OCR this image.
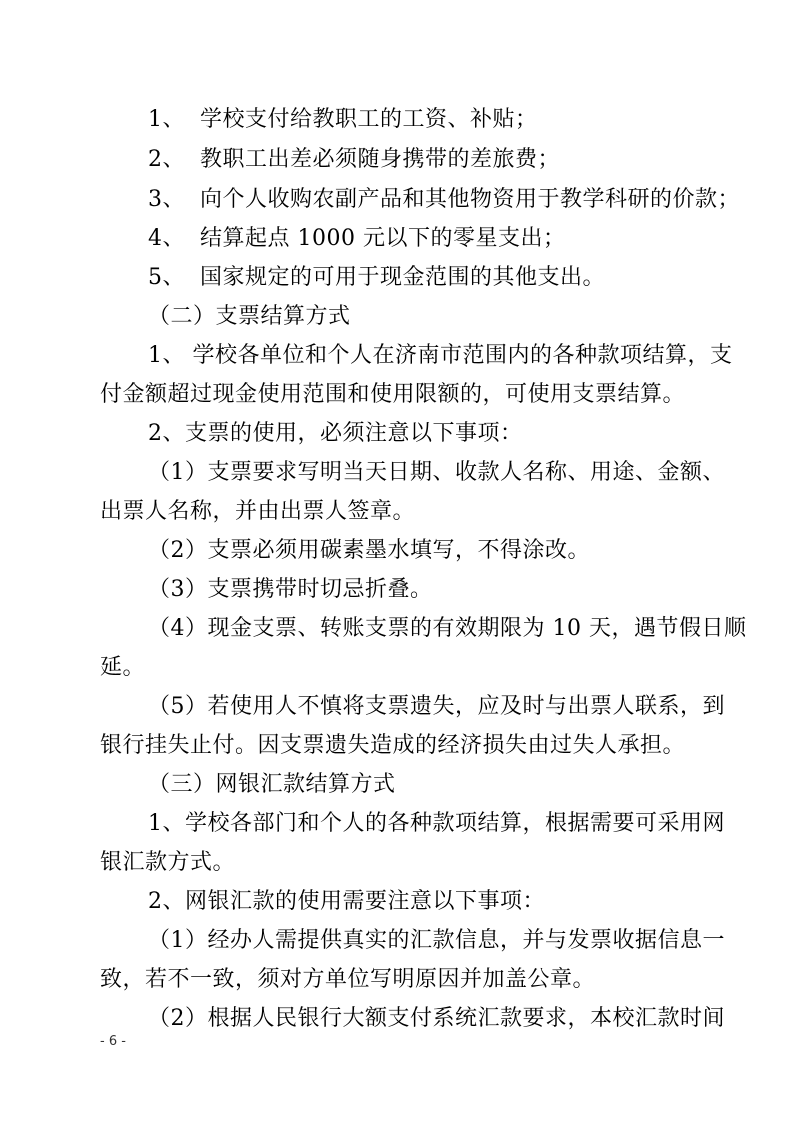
1、  学校支付给教职工的工资、补贴；
2、  教职工出差必须随身携带的差旅费；
3、  向个人收购农副产品和其他物资用于教学科研的价款；
4、  结算起点 1000 元以下的零星支出；
5、  国家规定的可用于现金范围的其他支出。
（二）支票结算方式
1、 学校各单位和个人在济南市范围内的各种款项结算，支
付金额超过现金使用范围和使用限额的，可使用支票结算。
2、支票的使用，必须注意以下事项：
（1）支票要求写明当天日期、收款人名称、用途、金额、
出票人名称，并由出票人签章。
（2）支票必须用碳素墨水填写，不得涂改。
（3）支票携带时切忌折叠。
（4）现金支票、转账支票的有效期限为 10 天，遇节假日顺
延。
（5）若使用人不慎将支票遗失，应及时与出票人联系，到
银行挂失止付。因支票遗失造成的经济损失由过失人承担。
（三）网银汇款结算方式
1、学校各部门和个人的各种款项结算，根据需要可采用网
银汇款方式。
2、网银汇款的使用需要注意以下事项：
（1）经办人需提供真实的汇款信息，并与发票收据信息一
致，若不一致，须对方单位写明原因并加盖公章。
（2）根据人民银行大额支付系统汇款要求，本校汇款时间
- 6 -
